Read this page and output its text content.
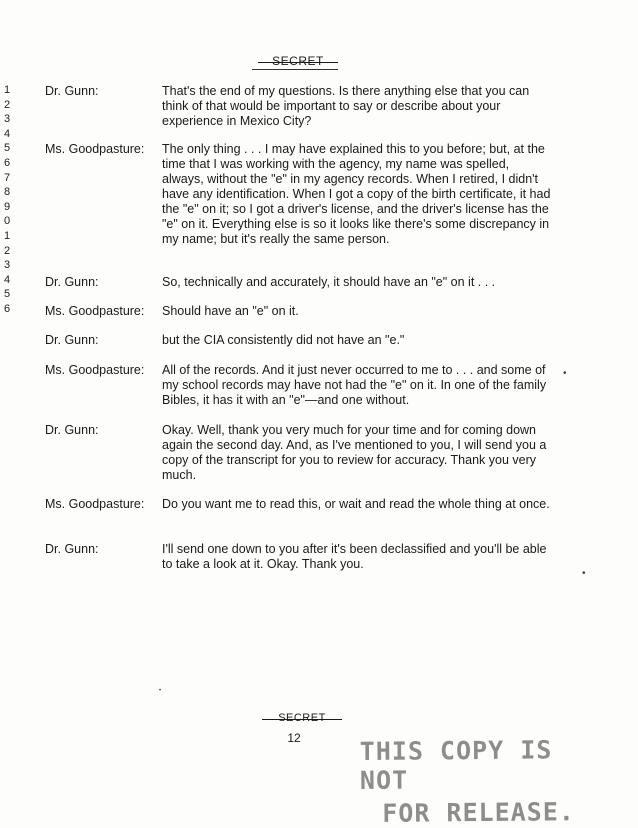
SECRET
1
2
3
4
5
6
7
8
9
0
1
2
3
4
5
6
Dr. Gunn:	That's the end of my questions. Is there anything else that you can think of that would be important to say or describe about your experience in Mexico City?
Ms. Goodpasture:	The only thing . . . I may have explained this to you before; but, at the time that I was working with the agency, my name was spelled, always, without the "e" in my agency records. When I retired, I didn't have any identification. When I got a copy of the birth certificate, it had the "e" on it; so I got a driver's license, and the driver's license has the "e" on it. Everything else is so it looks like there's some discrepancy in my name; but it's really the same person.
Dr. Gunn:	So, technically and accurately, it should have an "e" on it . . .
Ms. Goodpasture:	Should have an "e" on it.
Dr. Gunn:	but the CIA consistently did not have an "e."
Ms. Goodpasture:	All of the records. And it just never occurred to me to . . . and some of my school records may have not had the "e" on it. In one of the family Bibles, it has it with an "e"—and one without.
Dr. Gunn:	Okay. Well, thank you very much for your time and for coming down again the second day. And, as I've mentioned to you, I will send you a copy of the transcript for you to review for accuracy. Thank you very much.
Ms. Goodpasture:	Do you want me to read this, or wait and read the whole thing at once.
Dr. Gunn:	I'll send one down to you after it's been declassified and you'll be able to take a look at it. Okay. Thank you.
•
•
•
SECRET
12	THIS COPY IS NOT
FOR RELEASE.
